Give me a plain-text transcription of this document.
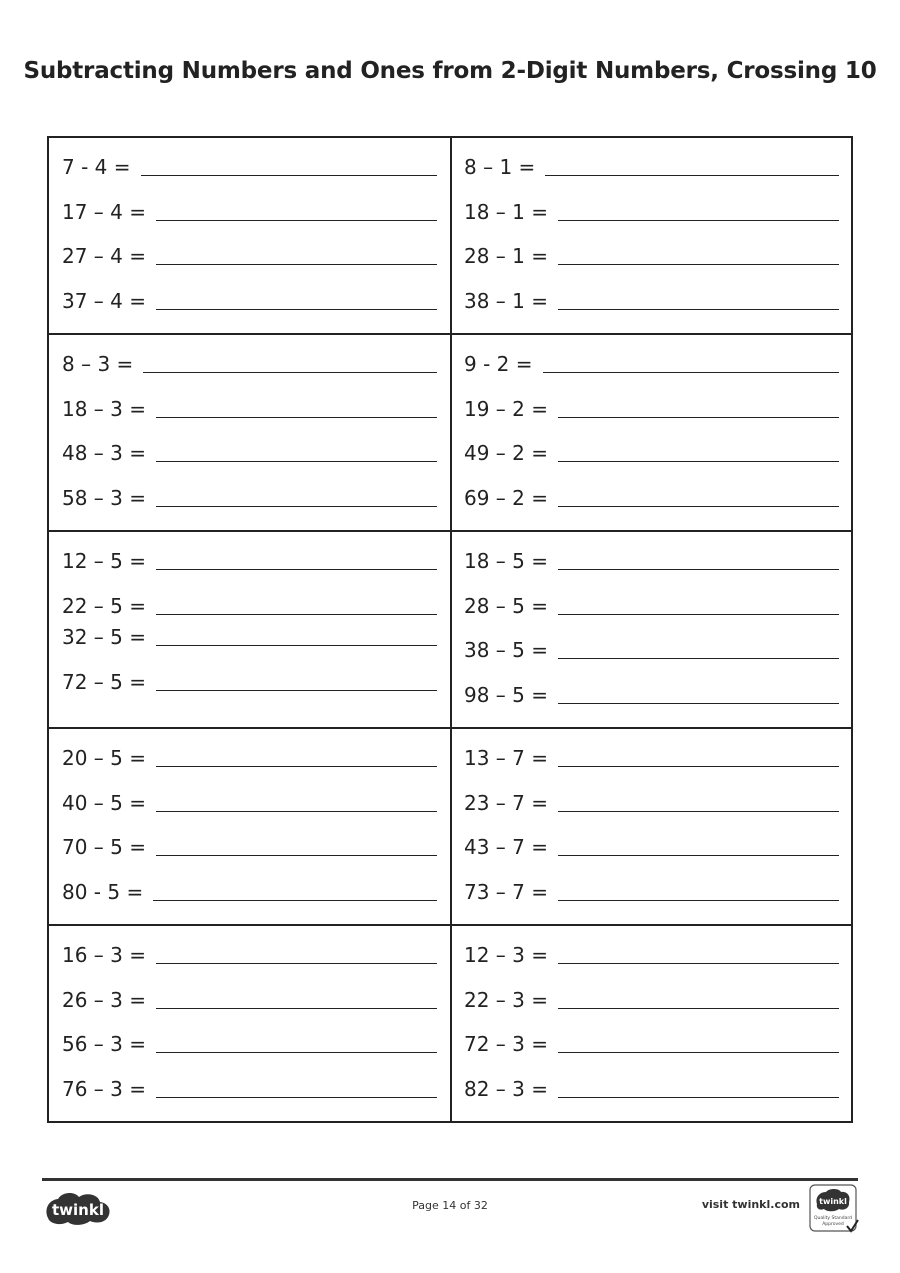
Subtracting Numbers and Ones from 2-Digit Numbers, Crossing 10
7 - 4 =
17 – 4 =
27 – 4 =
37 – 4 =
8 – 1 =
18 – 1 =
28 – 1 =
38 – 1 =
8 – 3 =
18 – 3 =
48 – 3 =
58 – 3 =
9 - 2 =
19 – 2 =
49 – 2 =
69 – 2 =
12 – 5 =
22 – 5 =
32 – 5 =
72 – 5 =
18 – 5 =
28 – 5 =
38 – 5 =
98 – 5 =
20 – 5 =
40 – 5 =
70 – 5 =
80 - 5 =
13 – 7 =
23 – 7 =
43 – 7 =
73 – 7 =
16 – 3 =
26 – 3 =
56 – 3 =
76 – 3 =
12 – 3 =
22 – 3 =
72 – 3 =
82 – 3 =
twinkl	Page 14 of 32	visit twinkl.com twinkl
Quality Standard
Approved
